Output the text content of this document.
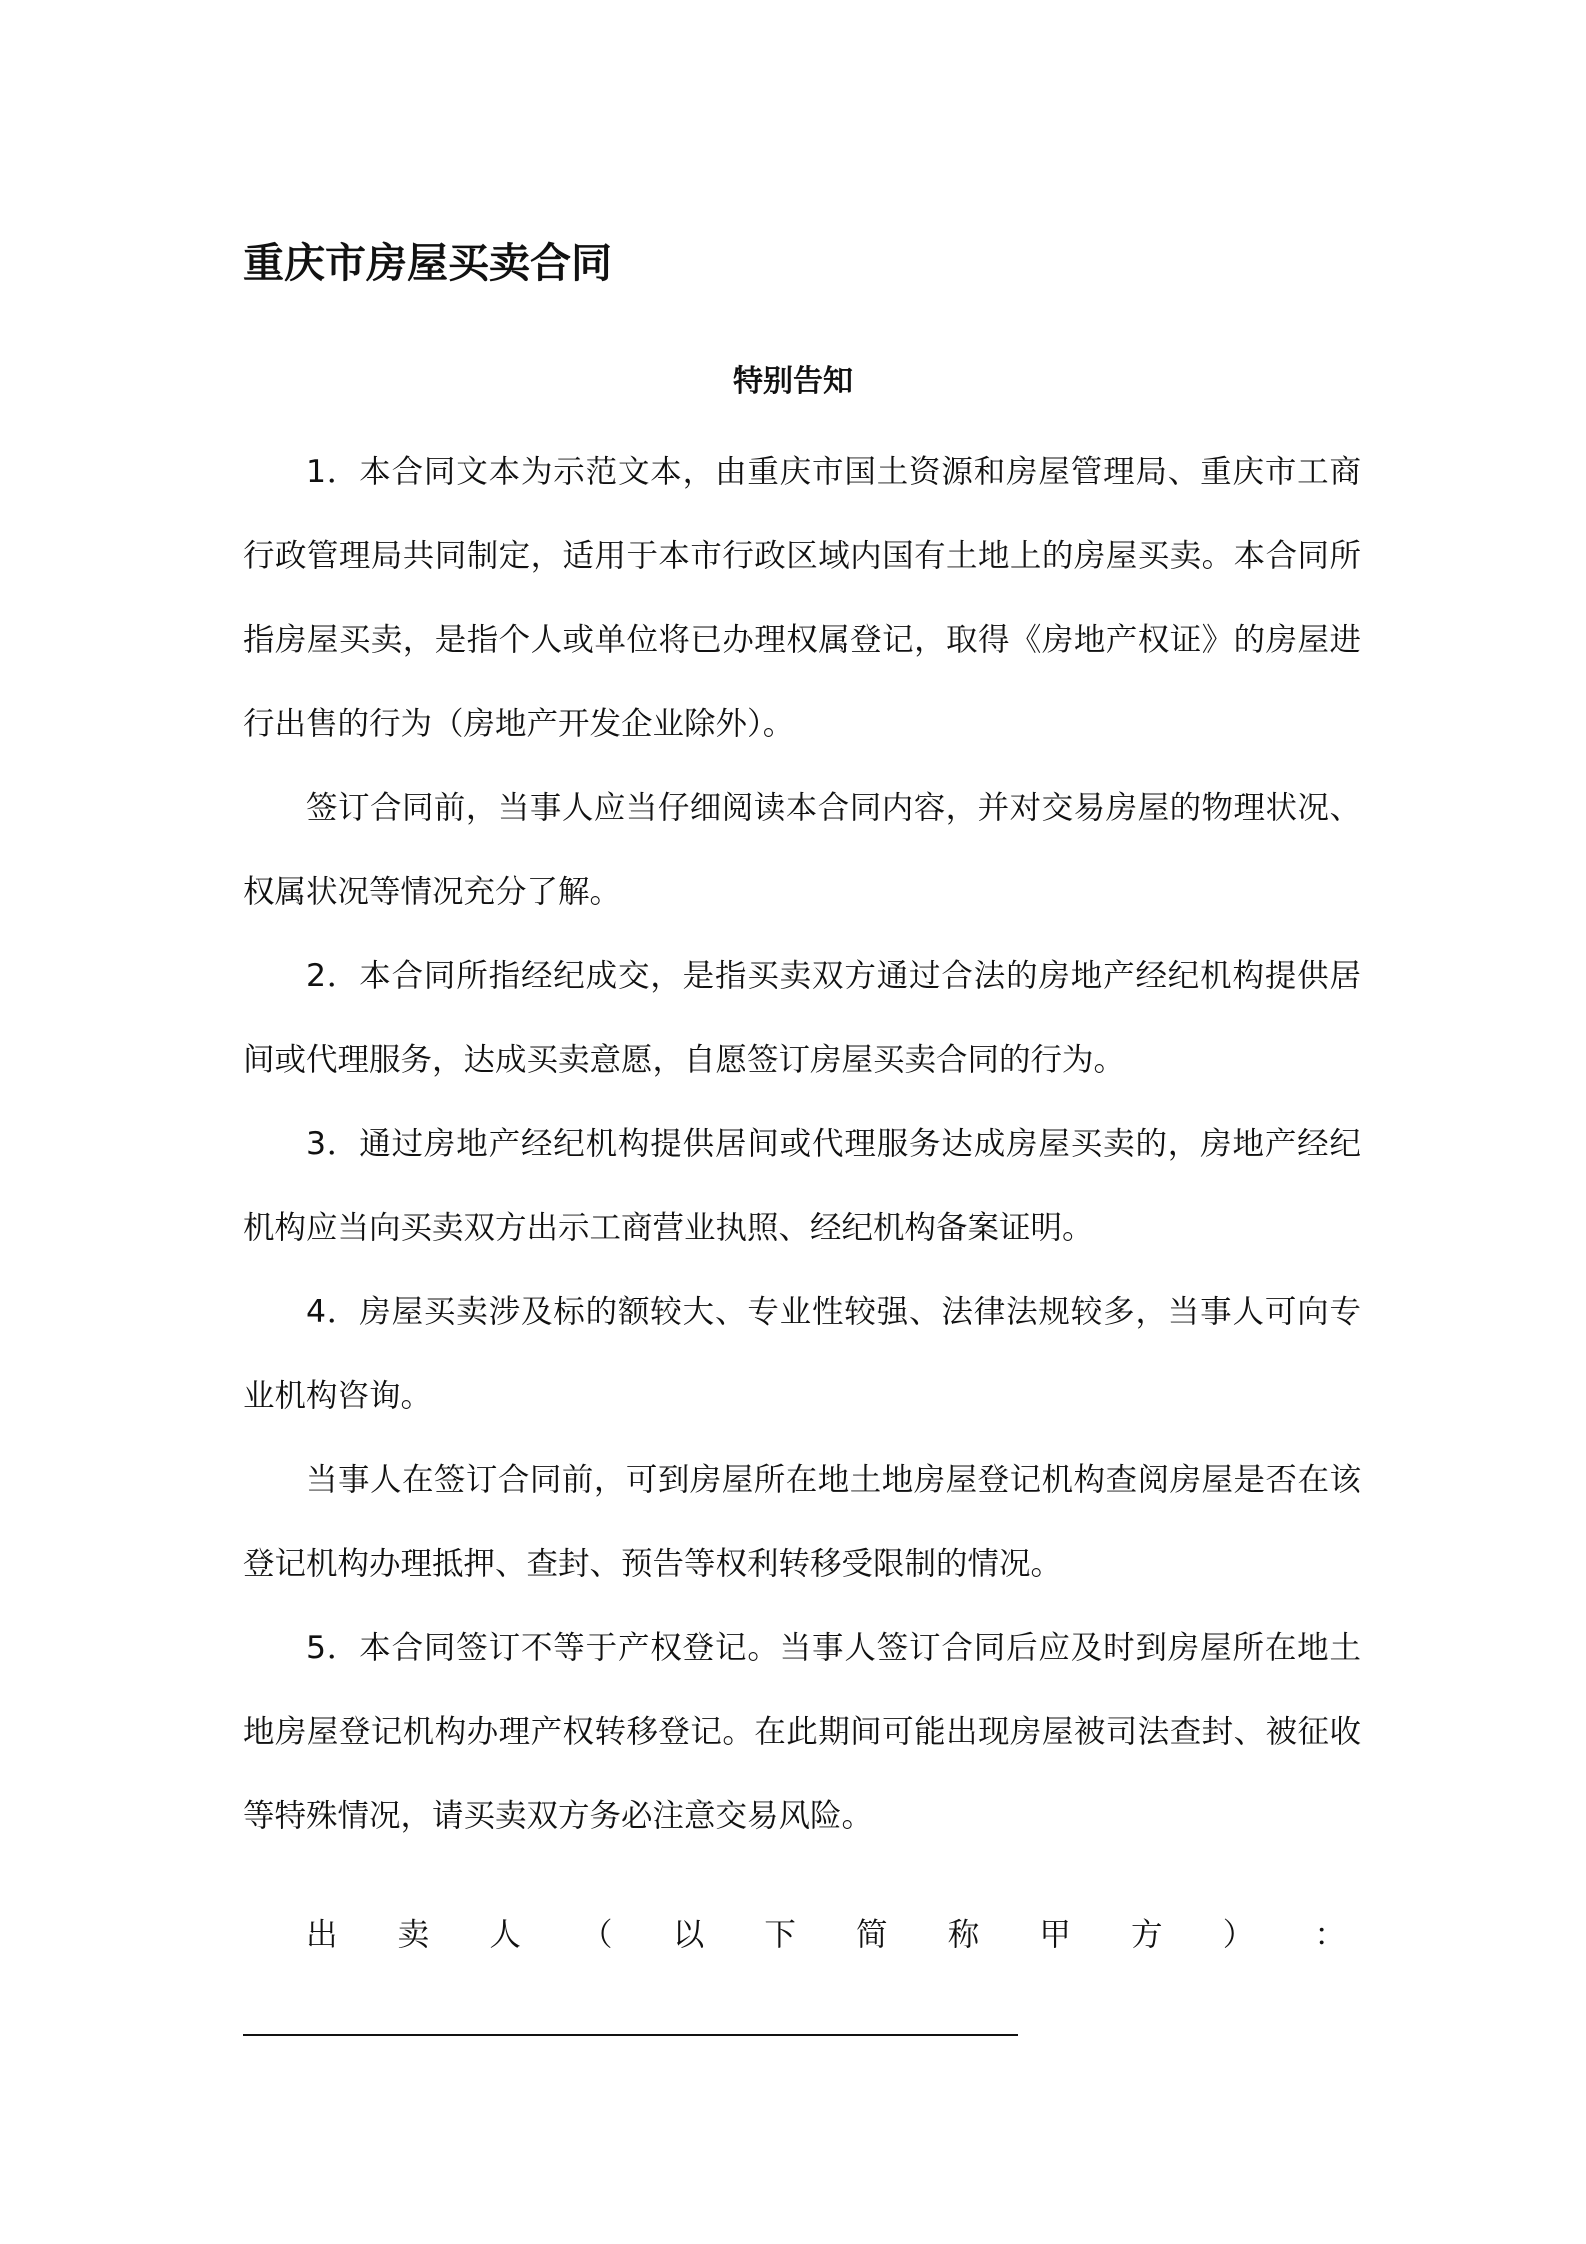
重庆市房屋买卖合同
特别告知

1．本合同文本为示范文本，由重庆市国土资源和房屋管理局、重庆市工商行政管理局共同制定，适用于本市行政区域内国有土地上的房屋买卖。本合同所指房屋买卖，是指个人或单位将已办理权属登记，取得《房地产权证》的房屋进行出售的行为（房地产开发企业除外）。

签订合同前，当事人应当仔细阅读本合同内容，并对交易房屋的物理状况、权属状况等情况充分了解。

2．本合同所指经纪成交，是指买卖双方通过合法的房地产经纪机构提供居间或代理服务，达成买卖意愿，自愿签订房屋买卖合同的行为。

3．通过房地产经纪机构提供居间或代理服务达成房屋买卖的，房地产经纪机构应当向买卖双方出示工商营业执照、经纪机构备案证明。

4．房屋买卖涉及标的额较大、专业性较强、法律法规较多，当事人可向专业机构咨询。

当事人在签订合同前，可到房屋所在地土地房屋登记机构查阅房屋是否在该登记机构办理抵押、查封、预告等权利转移受限制的情况。

5．本合同签订不等于产权登记。当事人签订合同后应及时到房屋所在地土地房屋登记机构办理产权转移登记。在此期间可能出现房屋被司法查封、被征收等特殊情况，请买卖双方务必注意交易风险。

出 卖 人 （ 以 下 简 称 甲 方 ） ：
